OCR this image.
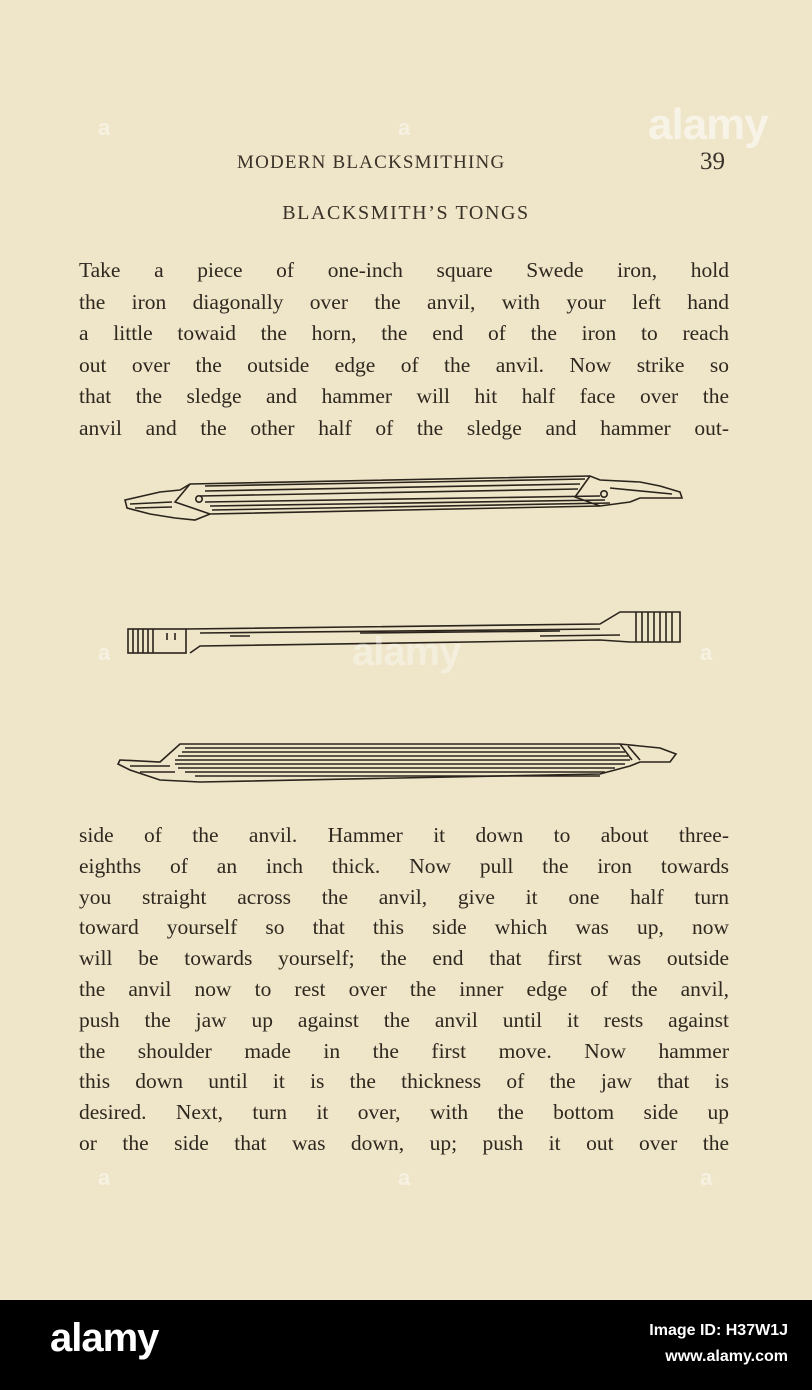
MODERN BLACKSMITHING	39
BLACKSMITH’S TONGS
Take a piece of one-inch square Swede iron, hold
the iron diagonally over the anvil, with your left hand
a little towaid the horn, the end of the iron to reach
out over the outside edge of the anvil. Now strike so
that the sledge and hammer will hit half face over the
anvil and the other half of the sledge and hammer out-
side of the anvil. Hammer it down to about three-
eighths of an inch thick. Now pull the iron towards
you straight across the anvil, give it one half turn
toward yourself so that this side which was up, now
will be towards yourself; the end that first was outside
the anvil now to rest over the inner edge of the anvil,
push the jaw up against the anvil until it rests against
the shoulder made in the first move. Now hammer
this down until it is the thickness of the jaw that is
desired. Next, turn it over, with the bottom side up
or the side that was down, up; push it out over the
alamy
alamy
a	a
a	a
a	a	a
alamy	Image ID: H37W1J
www.alamy.com
